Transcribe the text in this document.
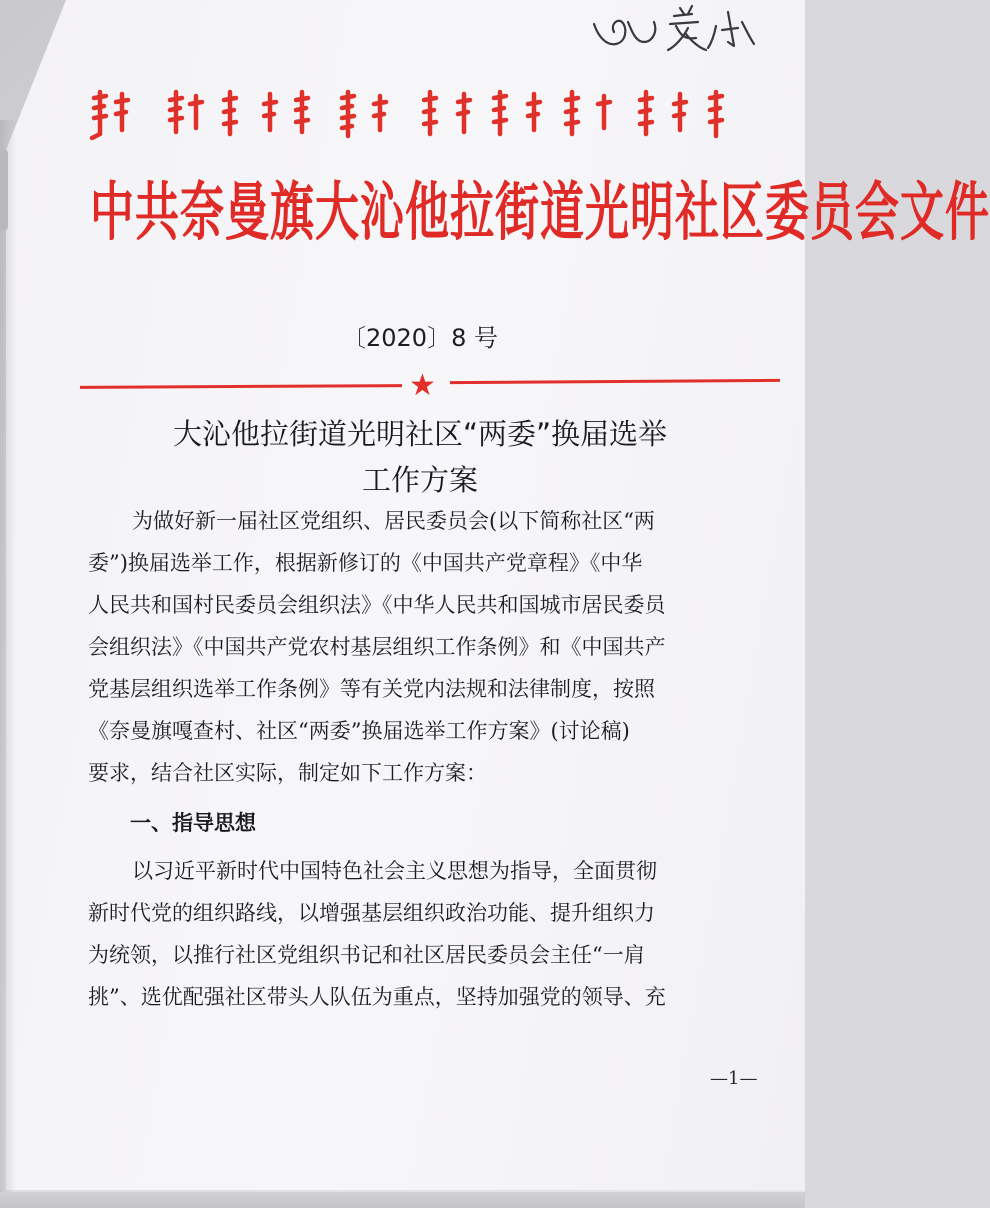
中共奈曼旗大沁他拉街道光明社区委员会文件
〔2020〕8 号
★
大沁他拉街道光明社区“两委”换届选举
工作方案
为做好新一届社区党组织、居民委员会(以下简称社区“两
委”)换届选举工作，根据新修订的《中国共产党章程》《中华
人民共和国村民委员会组织法》《中华人民共和国城市居民委员
会组织法》《中国共产党农村基层组织工作条例》和《中国共产
党基层组织选举工作条例》等有关党内法规和法律制度，按照
《奈曼旗嘎查村、社区“两委”换届选举工作方案》(讨论稿)
要求，结合社区实际，制定如下工作方案：
一、指导思想
以习近平新时代中国特色社会主义思想为指导，全面贯彻
新时代党的组织路线，以增强基层组织政治功能、提升组织力
为统领，以推行社区党组织书记和社区居民委员会主任“一肩
挑”、选优配强社区带头人队伍为重点，坚持加强党的领导、充
—1—
